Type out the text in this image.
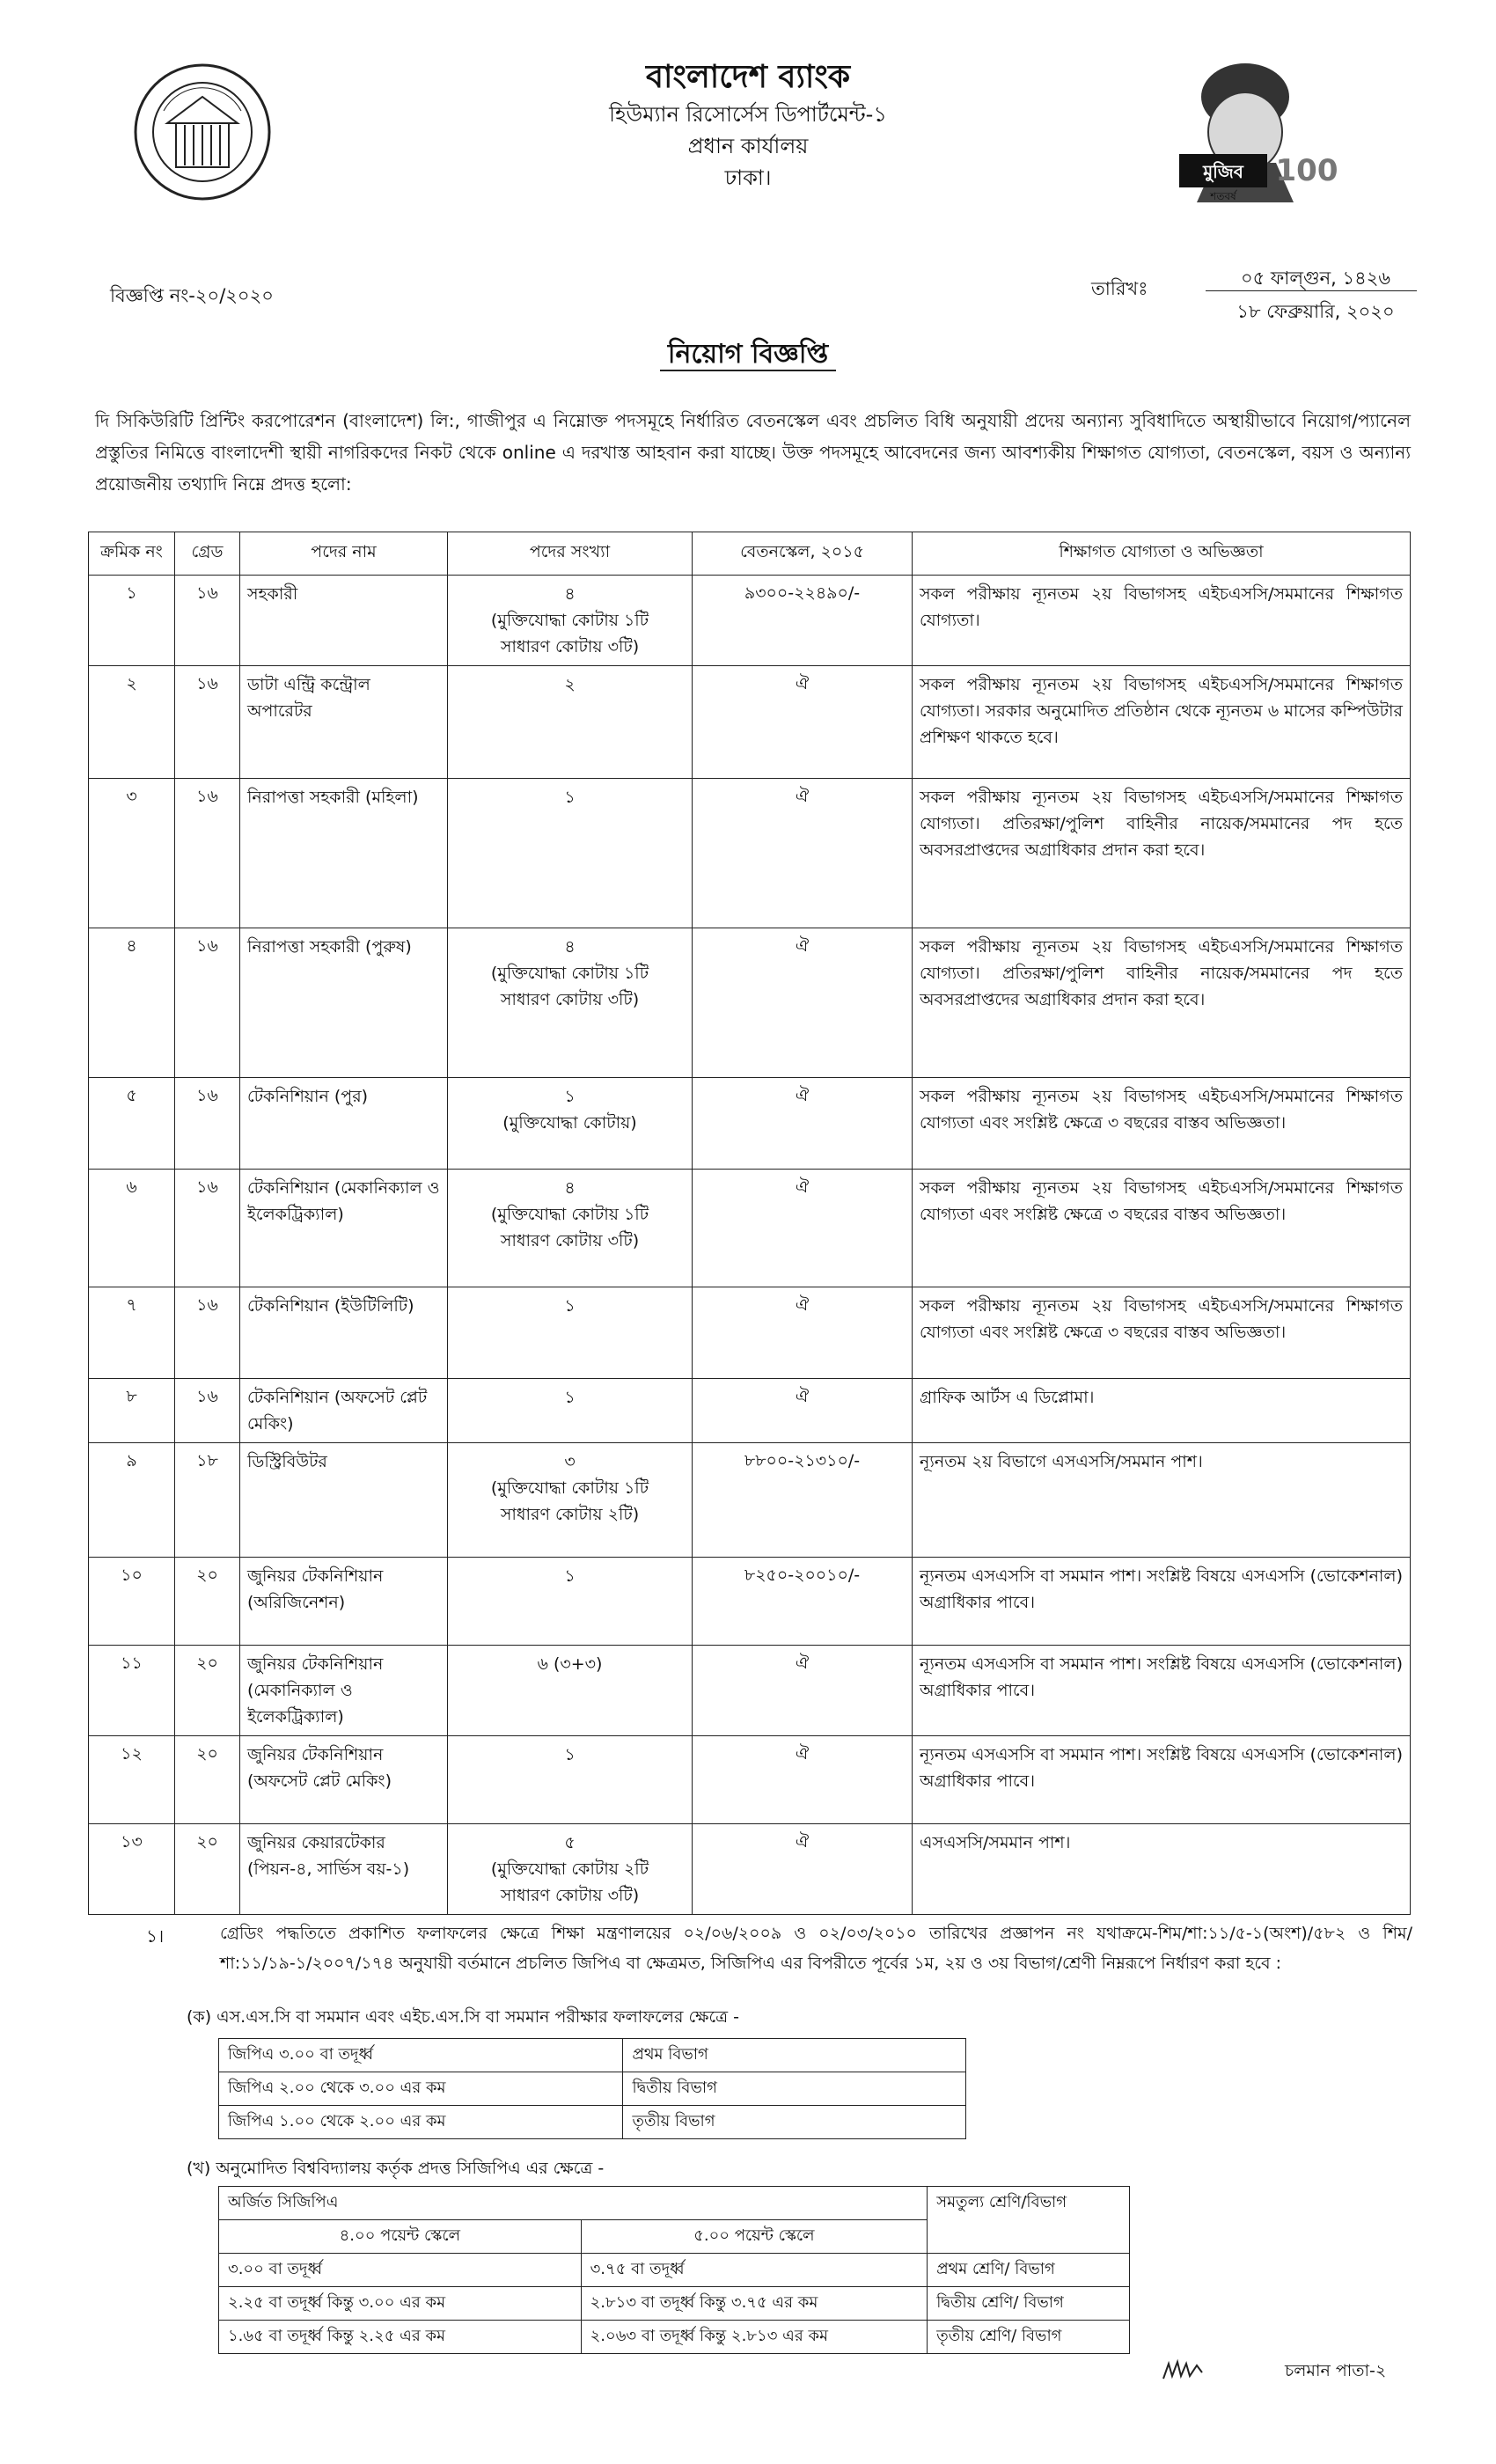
বাংলাদেশ ব্যাংক
হিউম্যান রিসোর্সেস ডিপার্টমেন্ট-১
প্রধান কার্যালয়
ঢাকা।	মুজিব 100
শতবর্ষ
বিজ্ঞপ্তি নং-২০/২০২০	তারিখঃ	০৫ ফাল্গুন, ১৪২৬
১৮ ফেব্রুয়ারি, ২০২০
নিয়োগ বিজ্ঞপ্তি
দি সিকিউরিটি প্রিন্টিং করপোরেশন (বাংলাদেশ) লি:, গাজীপুর এ নিম্নোক্ত পদসমূহে নির্ধারিত বেতনস্কেল এবং প্রচলিত বিধি অনুযায়ী প্রদেয় অন্যান্য সুবিধাদিতে অস্থায়ীভাবে নিয়োগ/প্যানেল প্রস্তুতির নিমিত্তে বাংলাদেশী স্থায়ী নাগরিকদের নিকট থেকে online এ দরখাস্ত আহবান করা যাচ্ছে। উক্ত পদসমূহে আবেদনের জন্য আবশ্যকীয় শিক্ষাগত যোগ্যতা, বেতনস্কেল, বয়স ও অন্যান্য প্রয়োজনীয় তথ্যাদি নিম্নে প্রদত্ত হলো:
ক্রমিক নং	গ্রেড	পদের নাম	পদের সংখ্যা	বেতনস্কেল, ২০১৫	শিক্ষাগত যোগ্যতা ও অভিজ্ঞতা
১	১৬	সহকারী	৪
(মুক্তিযোদ্ধা কোটায় ১টি
সাধারণ কোটায় ৩টি)	৯৩০০-২২৪৯০/-	সকল পরীক্ষায় ন্যূনতম ২য় বিভাগসহ এইচএসসি/সমমানের শিক্ষাগত যোগ্যতা।
২	১৬	ডাটা এন্ট্রি কন্ট্রোল অপারেটর	২	ঐ	সকল পরীক্ষায় ন্যূনতম ২য় বিভাগসহ এইচএসসি/সমমানের শিক্ষাগত যোগ্যতা। সরকার অনুমোদিত প্রতিষ্ঠান থেকে ন্যূনতম ৬ মাসের কম্পিউটার প্রশিক্ষণ থাকতে হবে।
৩	১৬	নিরাপত্তা সহকারী (মহিলা)	১	ঐ	সকল পরীক্ষায় ন্যূনতম ২য় বিভাগসহ এইচএসসি/সমমানের শিক্ষাগত যোগ্যতা। প্রতিরক্ষা/পুলিশ বাহিনীর নায়েক/সমমানের পদ হতে অবসরপ্রাপ্তদের অগ্রাধিকার প্রদান করা হবে।
৪	১৬	নিরাপত্তা সহকারী (পুরুষ)	৪
(মুক্তিযোদ্ধা কোটায় ১টি
সাধারণ কোটায় ৩টি)	ঐ	সকল পরীক্ষায় ন্যূনতম ২য় বিভাগসহ এইচএসসি/সমমানের শিক্ষাগত যোগ্যতা। প্রতিরক্ষা/পুলিশ বাহিনীর নায়েক/সমমানের পদ হতে অবসরপ্রাপ্তদের অগ্রাধিকার প্রদান করা হবে।
৫	১৬	টেকনিশিয়ান (পুর)	১
(মুক্তিযোদ্ধা কোটায়)	ঐ	সকল পরীক্ষায় ন্যূনতম ২য় বিভাগসহ এইচএসসি/সমমানের শিক্ষাগত যোগ্যতা এবং সংশ্লিষ্ট ক্ষেত্রে ৩ বছরের বাস্তব অভিজ্ঞতা।
৬	১৬	টেকনিশিয়ান (মেকানিক্যাল ও ইলেকট্রিক্যাল)	৪
(মুক্তিযোদ্ধা কোটায় ১টি
সাধারণ কোটায় ৩টি)	ঐ	সকল পরীক্ষায় ন্যূনতম ২য় বিভাগসহ এইচএসসি/সমমানের শিক্ষাগত যোগ্যতা এবং সংশ্লিষ্ট ক্ষেত্রে ৩ বছরের বাস্তব অভিজ্ঞতা।
৭	১৬	টেকনিশিয়ান (ইউটিলিটি)	১	ঐ	সকল পরীক্ষায় ন্যূনতম ২য় বিভাগসহ এইচএসসি/সমমানের শিক্ষাগত যোগ্যতা এবং সংশ্লিষ্ট ক্ষেত্রে ৩ বছরের বাস্তব অভিজ্ঞতা।
৮	১৬	টেকনিশিয়ান (অফসেট প্লেট মেকিং)	১	ঐ	গ্রাফিক আর্টস এ ডিপ্লোমা।
৯	১৮	ডিস্ট্রিবিউটর	৩
(মুক্তিযোদ্ধা কোটায় ১টি
সাধারণ কোটায় ২টি)	৮৮০০-২১৩১০/-	ন্যূনতম ২য় বিভাগে এসএসসি/সমমান পাশ।
১০	২০	জুনিয়র টেকনিশিয়ান (অরিজিনেশন)	১	৮২৫০-২০০১০/-	ন্যূনতম এসএসসি বা সমমান পাশ। সংশ্লিষ্ট বিষয়ে এসএসসি (ভোকেশনাল) অগ্রাধিকার পাবে।
১১	২০	জুনিয়র টেকনিশিয়ান (মেকানিক্যাল ও ইলেকট্রিক্যাল)	৬ (৩+৩)	ঐ	ন্যূনতম এসএসসি বা সমমান পাশ। সংশ্লিষ্ট বিষয়ে এসএসসি (ভোকেশনাল) অগ্রাধিকার পাবে।
১২	২০	জুনিয়র টেকনিশিয়ান (অফসেট প্লেট মেকিং)	১	ঐ	ন্যূনতম এসএসসি বা সমমান পাশ। সংশ্লিষ্ট বিষয়ে এসএসসি (ভোকেশনাল) অগ্রাধিকার পাবে।
১৩	২০	জুনিয়র কেয়ারটেকার (পিয়ন-৪, সার্ভিস বয়-১)	৫
(মুক্তিযোদ্ধা কোটায় ২টি
সাধারণ কোটায় ৩টি)	ঐ	এসএসসি/সমমান পাশ।
১।	গ্রেডিং পদ্ধতিতে প্রকাশিত ফলাফলের ক্ষেত্রে শিক্ষা মন্ত্রণালয়ের ০২/০৬/২০০৯ ও ০২/০৩/২০১০ তারিখের প্রজ্ঞাপন নং যথাক্রমে-শিম/শা:১১/৫-১(অংশ)/৫৮২ ও শিম/শা:১১/১৯-১/২০০৭/১৭৪ অনুযায়ী বর্তমানে প্রচলিত জিপিএ বা ক্ষেত্রমত, সিজিপিএ এর বিপরীতে পূর্বের ১ম, ২য় ও ৩য় বিভাগ/শ্রেণী নিম্নরূপে নির্ধারণ করা হবে :
(ক) এস.এস.সি বা সমমান এবং এইচ.এস.সি বা সমমান পরীক্ষার ফলাফলের ক্ষেত্রে -
জিপিএ ৩.০০ বা তদূর্ধ্ব	প্রথম বিভাগ
জিপিএ ২.০০ থেকে ৩.০০ এর কম	দ্বিতীয় বিভাগ
জিপিএ ১.০০ থেকে ২.০০ এর কম	তৃতীয় বিভাগ
(খ) অনুমোদিত বিশ্ববিদ্যালয় কর্তৃক প্রদত্ত সিজিপিএ এর ক্ষেত্রে -
অর্জিত সিজিপিএ		সমতুল্য শ্রেণি/বিভাগ
৪.০০ পয়েন্ট স্কেলে	৫.০০ পয়েন্ট স্কেলে	
৩.০০ বা তদূর্ধ্ব	৩.৭৫ বা তদূর্ধ্ব	প্রথম শ্রেণি/ বিভাগ
২.২৫ বা তদূর্ধ্ব কিন্তু ৩.০০ এর কম	২.৮১৩ বা তদূর্ধ্ব কিন্তু ৩.৭৫ এর কম	দ্বিতীয় শ্রেণি/ বিভাগ
১.৬৫ বা তদূর্ধ্ব কিন্তু ২.২৫ এর কম	২.০৬৩ বা তদূর্ধ্ব কিন্তু ২.৮১৩ এর কম	তৃতীয় শ্রেণি/ বিভাগ
চলমান পাতা-২
